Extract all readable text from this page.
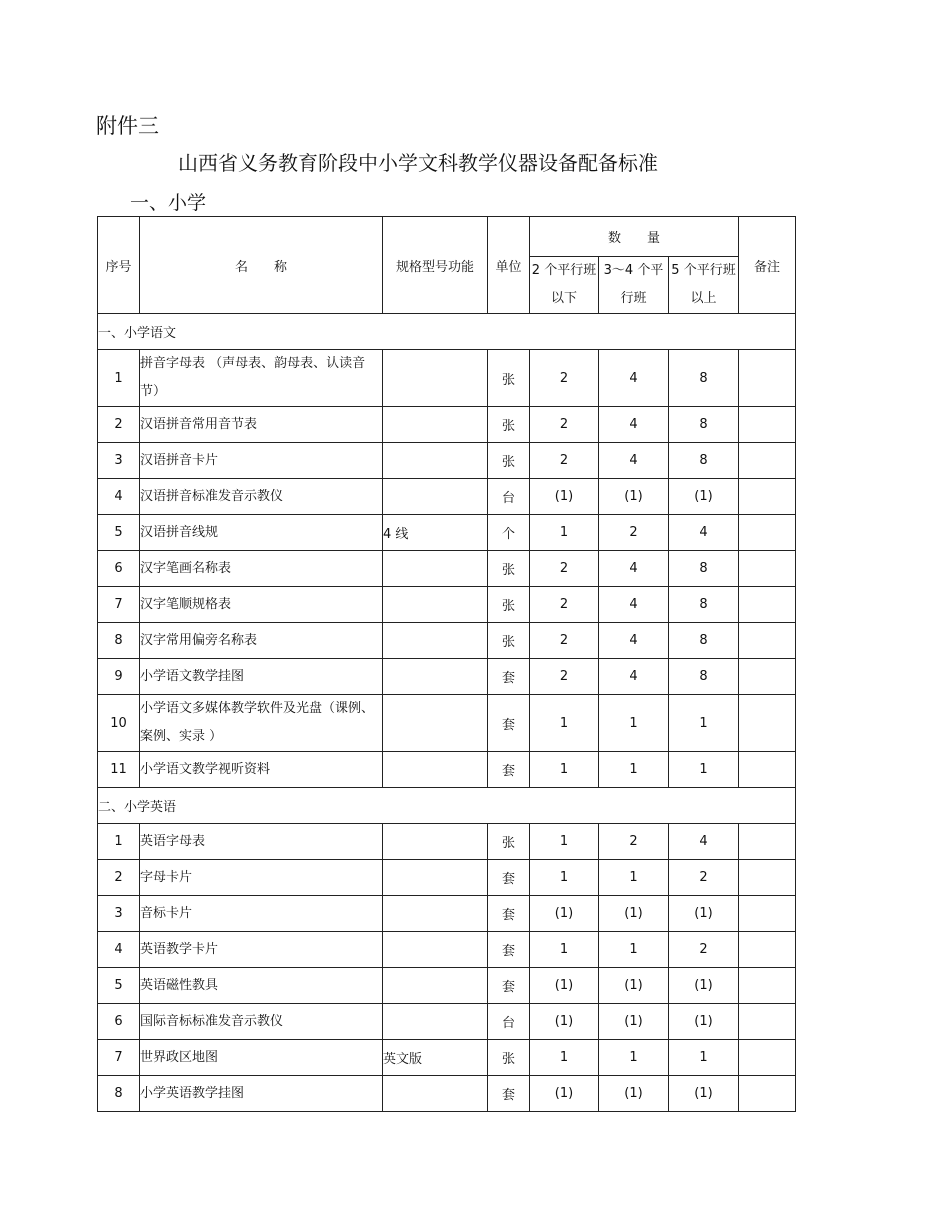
附件三
山西省义务教育阶段中小学文科教学仪器设备配备标准
一、小学
序号	名　　称	规格型号功能	单位	数　　量			备注
				2 个平行班以下	3～4 个平行班	5 个平行班以上	
一、小学语文							
1	拼音字母表 （声母表、韵母表、认读音节）		张	2	4	8	
2	汉语拼音常用音节表		张	2	4	8	
3	汉语拼音卡片		张	2	4	8	
4	汉语拼音标准发音示教仪		台	(1)	(1)	(1)	
5	汉语拼音线规	4 线	个	1	2	4	
6	汉字笔画名称表		张	2	4	8	
7	汉字笔顺规格表		张	2	4	8	
8	汉字常用偏旁名称表		张	2	4	8	
9	小学语文教学挂图		套	2	4	8	
10	小学语文多媒体教学软件及光盘（课例、案例、实录 ）		套	1	1	1	
11	小学语文教学视听资料		套	1	1	1	
二、小学英语							
1	英语字母表		张	1	2	4	
2	字母卡片		套	1	1	2	
3	音标卡片		套	(1)	(1)	(1)	
4	英语教学卡片		套	1	1	2	
5	英语磁性教具		套	(1)	(1)	(1)	
6	国际音标标准发音示教仪		台	(1)	(1)	(1)	
7	世界政区地图	英文版	张	1	1	1	
8	小学英语教学挂图		套	(1)	(1)	(1)	
